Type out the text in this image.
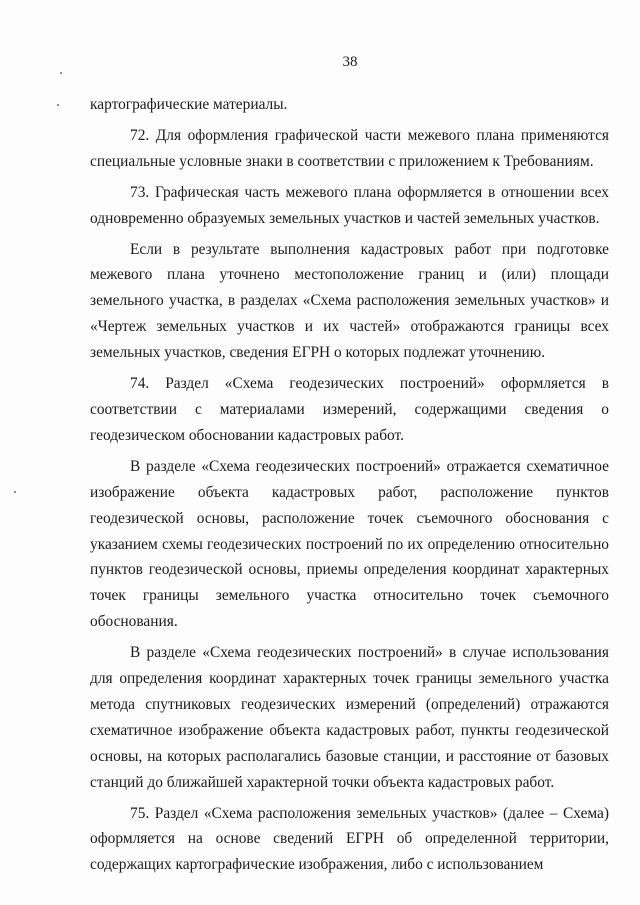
38

картографические материалы.

72. Для оформления графической части межевого плана применяются специальные условные знаки в соответствии с приложением к Требованиям.

73. Графическая часть межевого плана оформляется в отношении всех одновременно образуемых земельных участков и частей земельных участков.

Если в результате выполнения кадастровых работ при подготовке межевого плана уточнено местоположение границ и (или) площади земельного участка, в разделах «Схема расположения земельных участков» и «Чертеж земельных участков и их частей» отображаются границы всех земельных участков, сведения ЕГРН о которых подлежат уточнению.

74. Раздел «Схема геодезических построений» оформляется в соответствии с материалами измерений, содержащими сведения о геодезическом обосновании кадастровых работ.

В разделе «Схема геодезических построений» отражается схематичное изображение объекта кадастровых работ, расположение пунктов геодезической основы, расположение точек съемочного обоснования с указанием схемы геодезических построений по их определению относительно пунктов геодезической основы, приемы определения координат характерных точек границы земельного участка относительно точек съемочного обоснования.

В разделе «Схема геодезических построений» в случае использования для определения координат характерных точек границы земельного участка метода спутниковых геодезических измерений (определений) отражаются схематичное изображение объекта кадастровых работ, пункты геодезической основы, на которых располагались базовые станции, и расстояние от базовых станций до ближайшей характерной точки объекта кадастровых работ.

75. Раздел «Схема расположения земельных участков» (далее – Схема) оформляется на основе сведений ЕГРН об определенной территории, содержащих картографические изображения, либо с использованием
